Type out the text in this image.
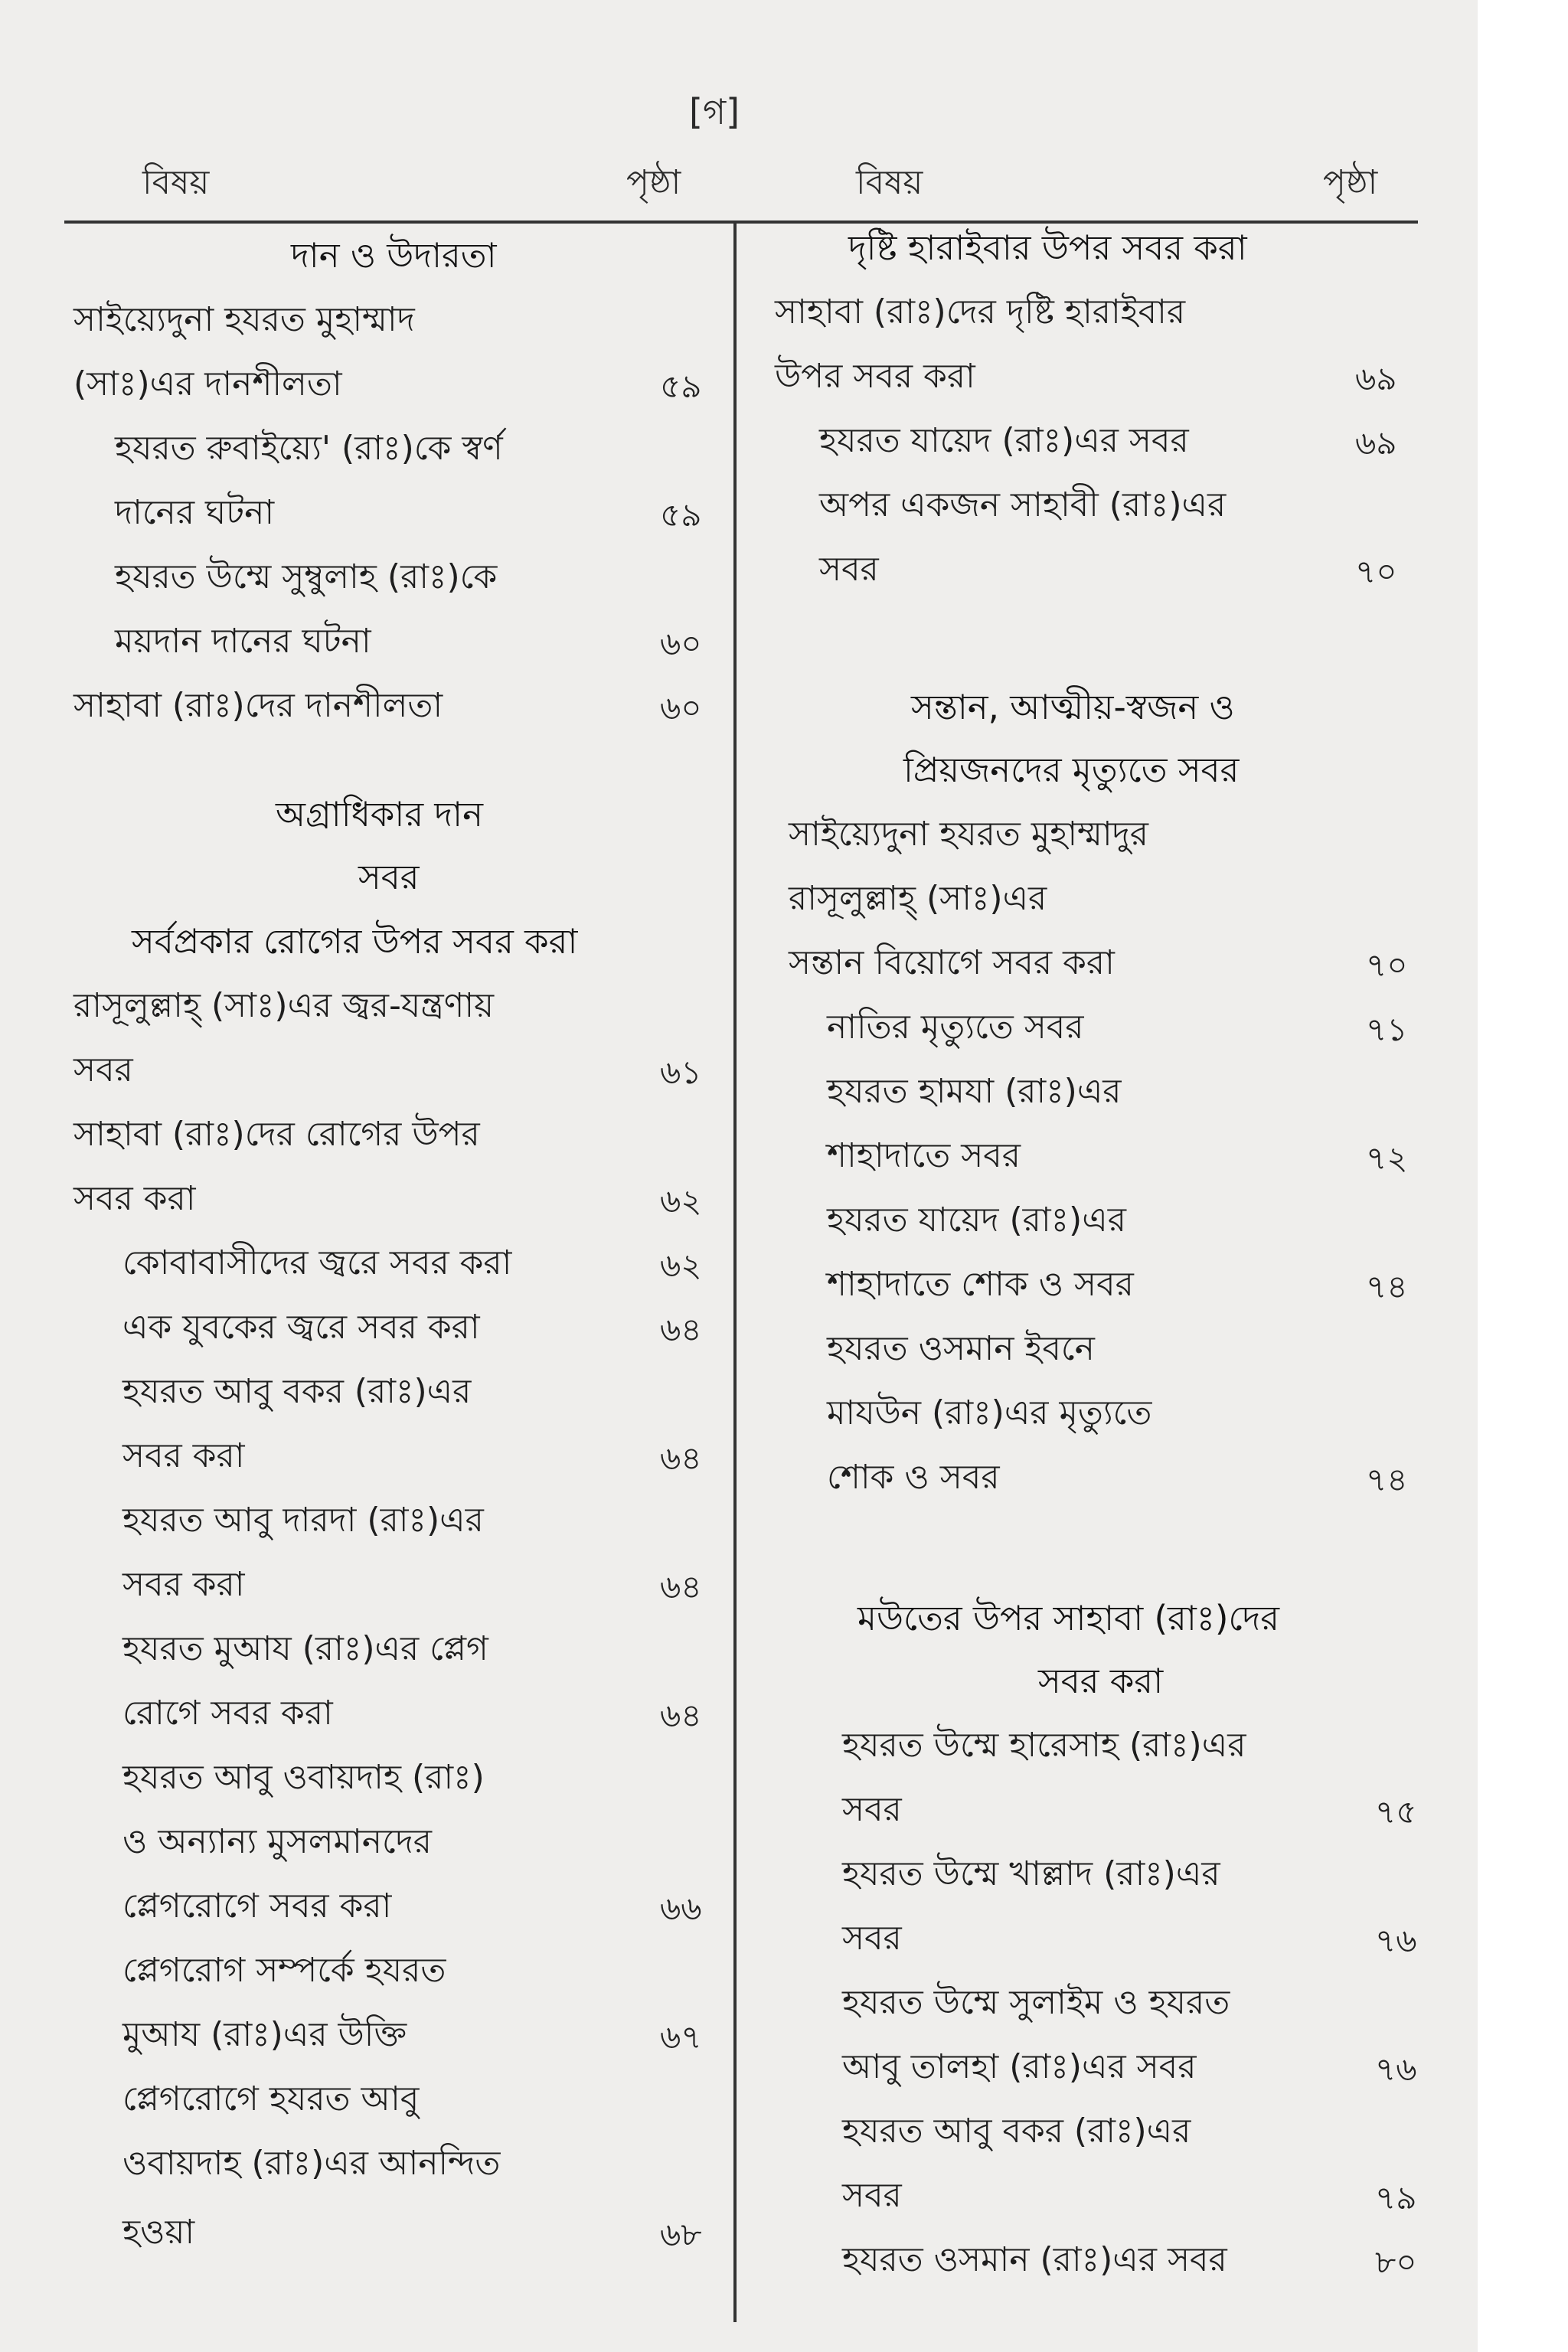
[গ]
বিষয়	পৃষ্ঠা	বিষয়	পৃষ্ঠা
দান ও উদারতা
সাইয়্যেদুনা হযরত মুহাম্মাদ
(সাঃ)এর দানশীলতা	৫৯
হযরত রুবাইয়্যে' (রাঃ)কে স্বর্ণ
দানের ঘটনা	৫৯
হযরত উম্মে সুম্বুলাহ (রাঃ)কে
ময়দান দানের ঘটনা	৬০
সাহাবা (রাঃ)দের দানশীলতা	৬০
অগ্রাধিকার দান
সবর
সর্বপ্রকার রোগের উপর সবর করা
রাসূলুল্লাহ্‌ (সাঃ)এর জ্বর-যন্ত্রণায়
সবর	৬১
সাহাবা (রাঃ)দের রোগের উপর
সবর করা	৬২
কোবাবাসীদের জ্বরে সবর করা	৬২
এক যুবকের জ্বরে সবর করা	৬৪
হযরত আবু বকর (রাঃ)এর
সবর করা	৬৪
হযরত আবু দারদা (রাঃ)এর
সবর করা	৬৪
হযরত মুআয (রাঃ)এর প্লেগ
রোগে সবর করা	৬৪
হযরত আবু ওবায়দাহ (রাঃ)
ও অন্যান্য মুসলমানদের
প্লেগরোগে সবর করা	৬৬
প্লেগরোগ সম্পর্কে হযরত
মুআয (রাঃ)এর উক্তি	৬৭
প্লেগরোগে হযরত আবু
ওবায়দাহ (রাঃ)এর আনন্দিত
হওয়া	৬৮
দৃষ্টি হারাইবার উপর সবর করা
সাহাবা (রাঃ)দের দৃষ্টি হারাইবার
উপর সবর করা	৬৯
হযরত যায়েদ (রাঃ)এর সবর	৬৯
অপর একজন সাহাবী (রাঃ)এর
সবর	৭০
সন্তান, আত্মীয়-স্বজন ও
প্রিয়জনদের মৃত্যুতে সবর
সাইয়্যেদুনা হযরত মুহাম্মাদুর
রাসূলুল্লাহ্‌ (সাঃ)এর
সন্তান বিয়োগে সবর করা	৭০
নাতির মৃত্যুতে সবর	৭১
হযরত হামযা (রাঃ)এর
শাহাদাতে সবর	৭২
হযরত যায়েদ (রাঃ)এর
শাহাদাতে শোক ও সবর	৭৪
হযরত ওসমান ইবনে
মাযউন (রাঃ)এর মৃত্যুতে
শোক ও সবর	৭৪
মউতের উপর সাহাবা (রাঃ)দের
সবর করা
হযরত উম্মে হারেসাহ (রাঃ)এর
সবর	৭৫
হযরত উম্মে খাল্লাদ (রাঃ)এর
সবর	৭৬
হযরত উম্মে সুলাইম ও হযরত
আবু তালহা (রাঃ)এর সবর	৭৬
হযরত আবু বকর (রাঃ)এর
সবর	৭৯
হযরত ওসমান (রাঃ)এর সবর	৮০
